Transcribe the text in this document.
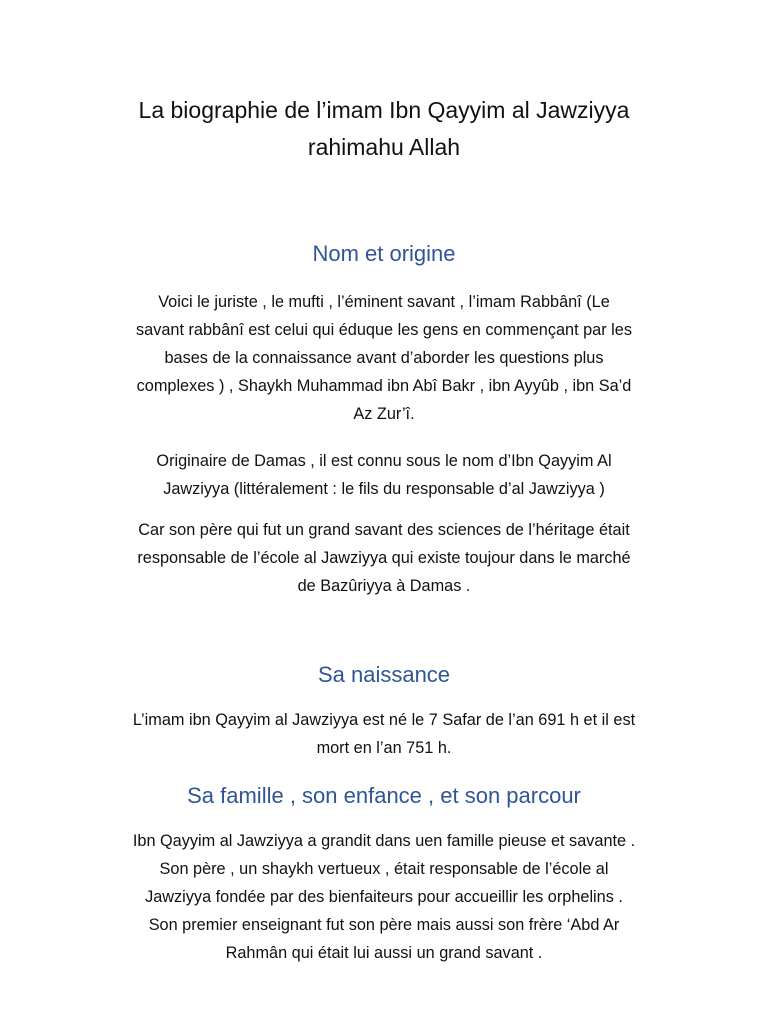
La biographie de l’imam Ibn Qayyim al Jawziyya
rahimahu Allah
Nom et origine

Voici le juriste , le mufti , l’éminent savant , l’imam Rabbânî (Le
savant rabbânî est celui qui éduque les gens en commençant par les
bases de la connaissance avant d’aborder les questions plus
complexes ) , Shaykh Muhammad ibn Abî Bakr , ibn Ayyûb , ibn Sa’d
Az Zur’î.

Originaire de Damas , il est connu sous le nom d’Ibn Qayyim Al
Jawziyya (littéralement : le fils du responsable d’al Jawziyya )

Car son père qui fut un grand savant des sciences de l’héritage était
responsable de l’école al Jawziyya qui existe toujour dans le marché
de Bazûriyya à Damas .

Sa naissance

L’imam ibn Qayyim al Jawziyya est né le 7 Safar de l’an 691 h et il est
mort en l’an 751 h.

Sa famille , son enfance , et son parcour

Ibn Qayyim al Jawziyya a grandit dans uen famille pieuse et savante .
Son père , un shaykh vertueux , était responsable de l’école al
Jawziyya fondée par des bienfaiteurs pour accueillir les orphelins .
Son premier enseignant fut son père mais aussi son frère ‘Abd Ar
Rahmân qui était lui aussi un grand savant .
